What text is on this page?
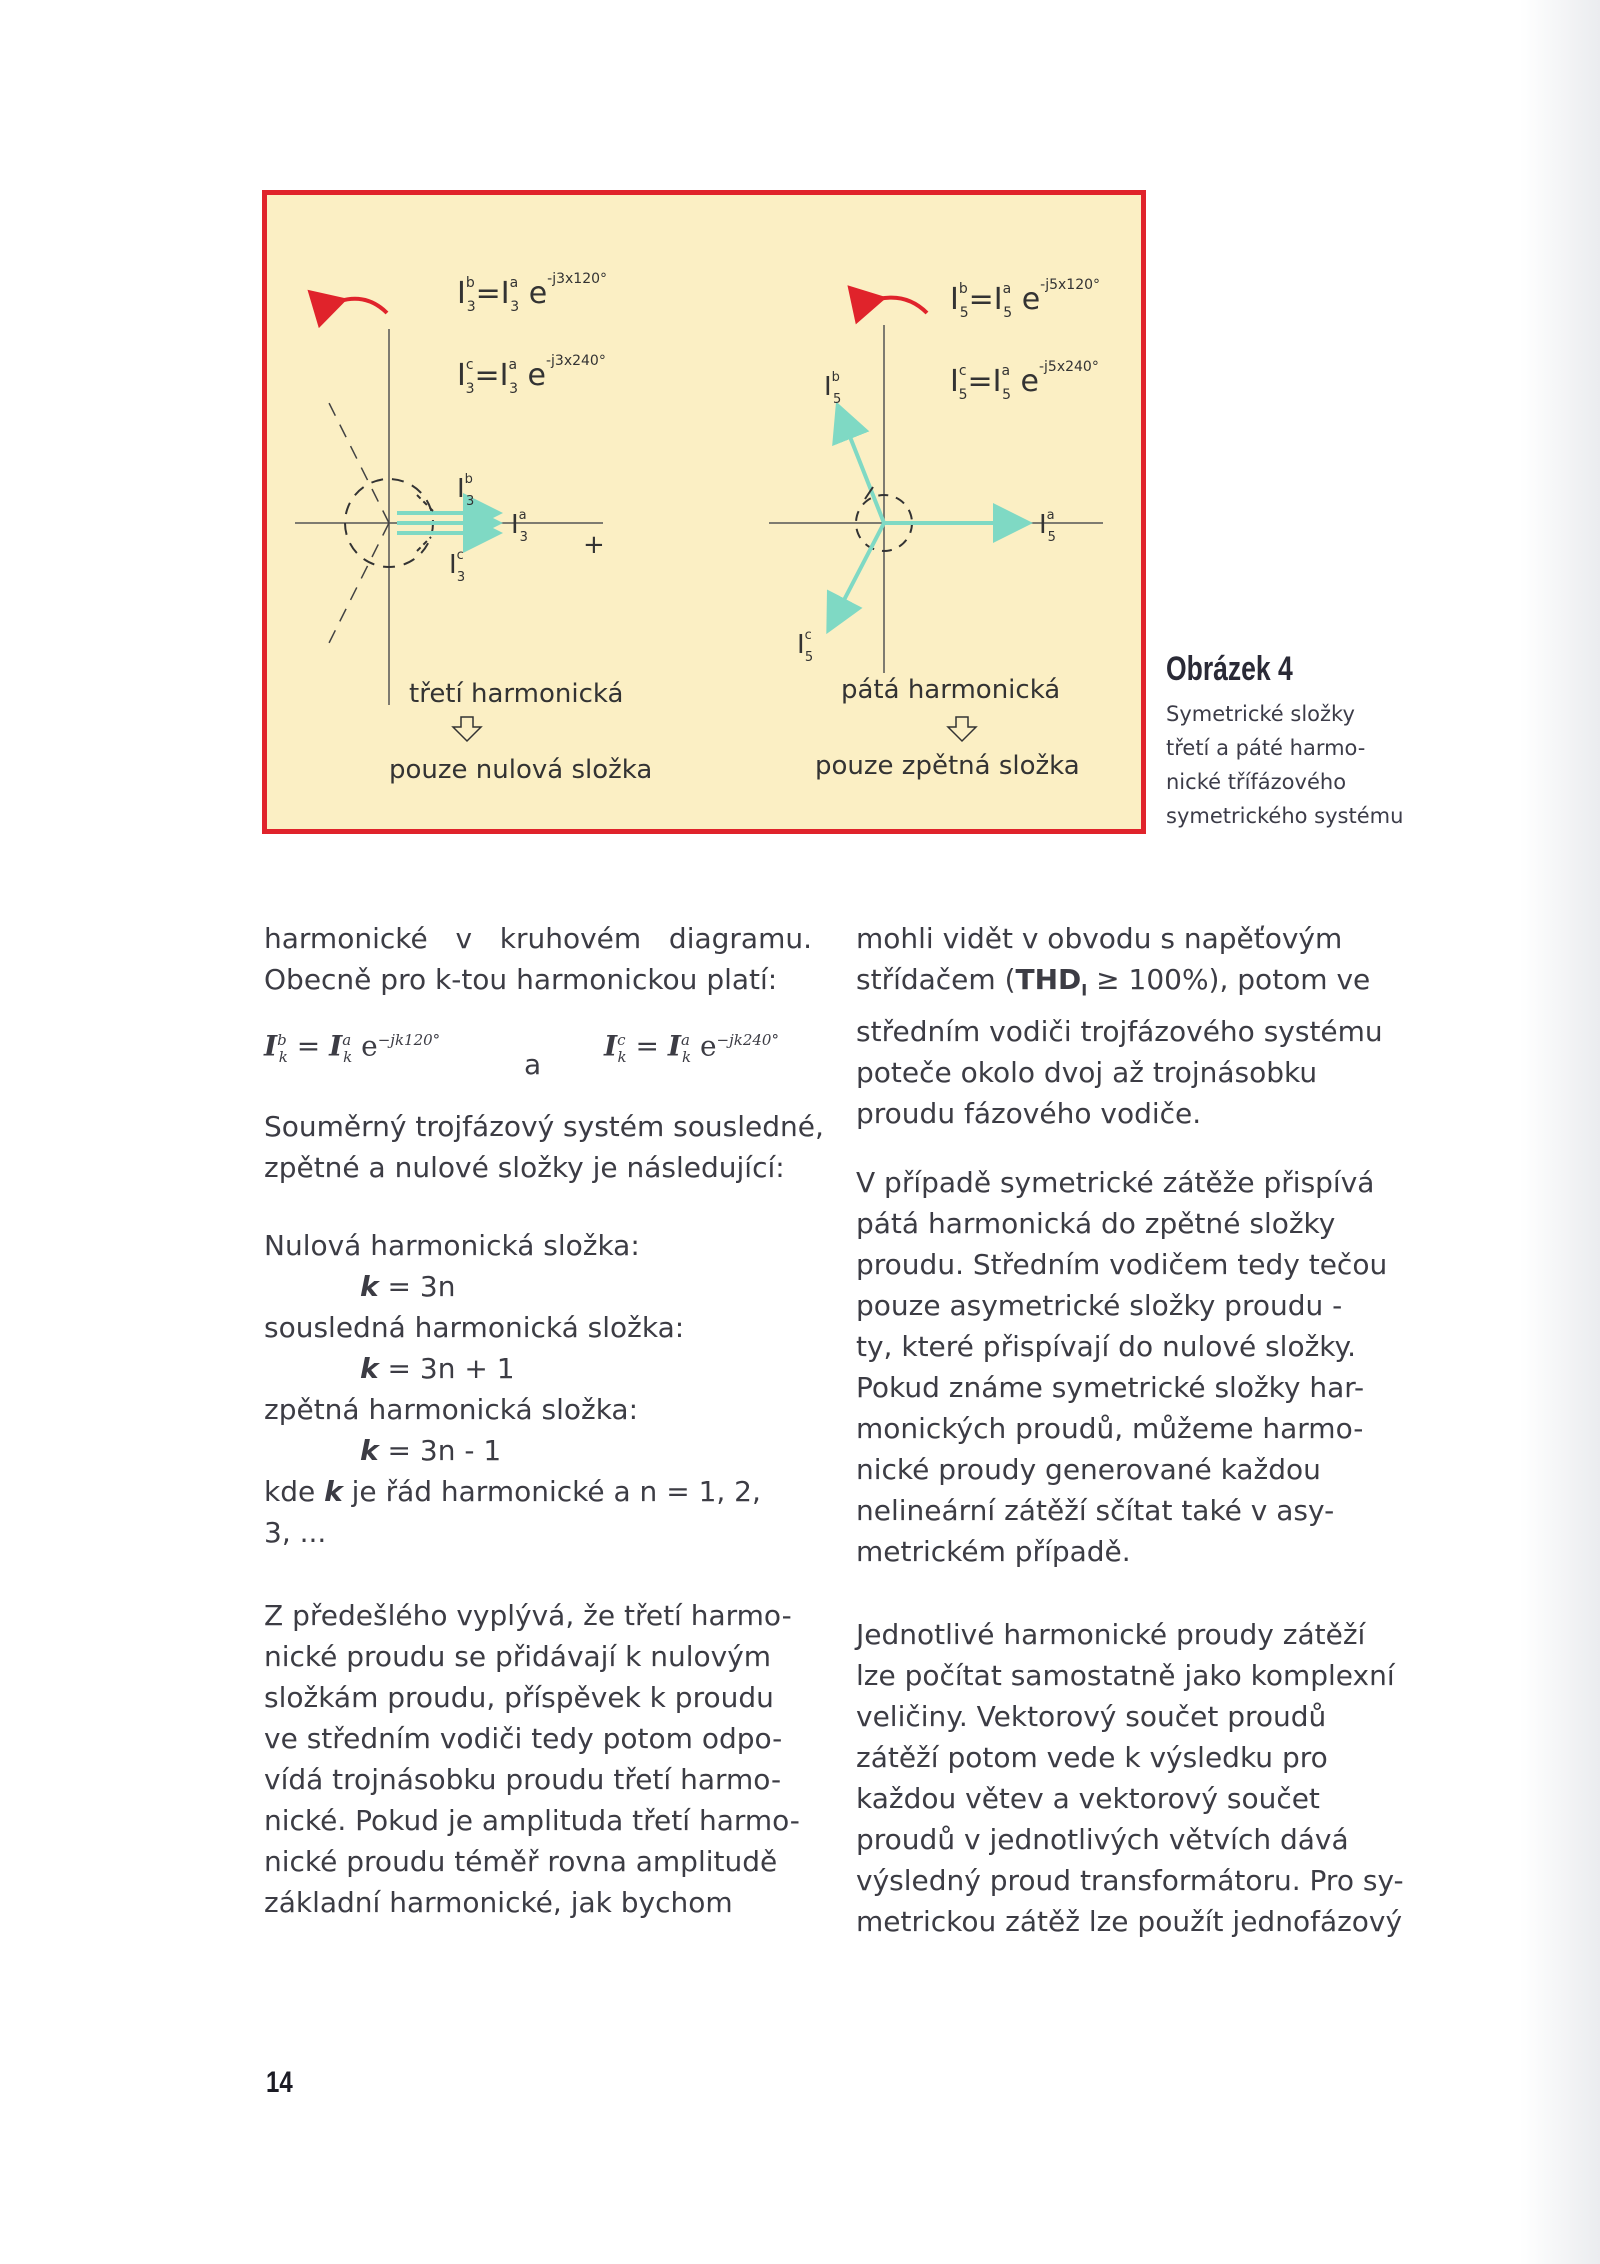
$I^b$ $3=I^a$ 3 $e^{-j3x120^\circ}$
$I^c$ $3=I^a$ 3 $e^{-j3x240^\circ}$
$I^b$ 3
$I^a$ 3
$I^c$ 3
+
třetí harmonická
pouze nulová složka
$I^b$ $5=I^a$ 5 $e^{-j5x120^\circ}$
$I^c$ $5=I^a$ 5 $e^{-j5x240^\circ}$
$I^b$ 5
$I^a$ 5
$I^c$ 5
pátá harmonická
pouze zpětná složka
Obrázek 4
Symetrické složky
třetí a páté harmo-
nické třífázového
symetrického systému
harmonické v kruhovém diagramu.
Obecně pro k-tou harmonickou platí:
$I^b_k = I^a_k$ $e^{-jk120^\circ}$
a
$I^c_k = I^a_k$ $e^{-jk240^\circ}$
Souměrný trojfázový systém sousledné,
zpětné a nulové složky je následující:
Nulová harmonická složka:
k = 3n
sousledná harmonická složka:
k = 3n + 1
zpětná harmonická složka:
k = 3n - 1
kde k je řád harmonické a n = 1, 2,
3, ...
Z předešlého vyplývá, že třetí harmo-
nické proudu se přidávají k nulovým
složkám proudu, příspěvek k proudu
ve středním vodiči tedy potom odpo-
vídá trojnásobku proudu třetí harmo-
nické. Pokud je amplituda třetí harmo-
nické proudu téměř rovna amplitudě
základní harmonické, jak bychom
mohli vidět v obvodu s napěťovým
střídačem $(THD_I \ge 100\%)$, potom ve
středním vodiči trojfázového systému
poteče okolo dvoj až trojnásobku
proudu fázového vodiče.
V případě symetrické zátěže přispívá
pátá harmonická do zpětné složky
proudu. Středním vodičem tedy tečou
pouze asymetrické složky proudu -
ty, které přispívají do nulové složky.
Pokud známe symetrické složky har-
monických proudů, můžeme harmo-
nické proudy generované každou
nelineární zátěží sčítat také v asy-
metrickém případě.
Jednotlivé harmonické proudy zátěží
lze počítat samostatně jako komplexní
veličiny. Vektorový součet proudů
zátěží potom vede k výsledku pro
každou větev a vektorový součet
proudů v jednotlivých větvích dává
výsledný proud transformátoru. Pro sy-
metrickou zátěž lze použít jednofázový
14
